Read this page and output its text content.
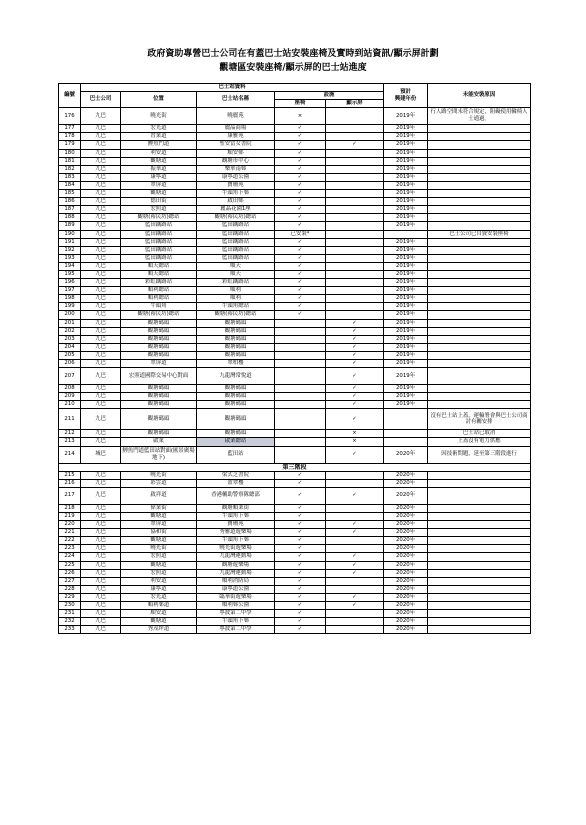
政府資助專營巴士公司在有蓋巴士站安裝座椅及實時到站資訊/顯示屏計劃
觀塘區安裝座椅/顯示屏的巴士站進度
編號	巴士站資料					預計
興建年份	未能安裝原因
	巴士公司	位置	巴士站名稱	設施			
				座椅	顯示屏		
176	九巴	曉光街	曉麗苑	×		2019年	行人路空間未符合規定，阻礙使用輪椅人士通過。
177	九巴	宏光道	麗晶商場	✓		2019年	
178	九巴	習業道	康雅苑	✓		2019年	
179	九巴	鯉魚門道	聖安當女書院	✓	✓	2019年	
180	九巴	利安道	順安邨	✓		2019年	
181	九巴	觀塘道	觀塘市中心	✓		2019年	
182	九巴	振華道	樂華南邨	✓		2019年	
183	九巴	康寧道	康寧道公園	✓		2019年	
184	九巴	翠屏道	寶珊苑	✓		2019年	
185	九巴	觀塘道	牛頭角下邨	✓		2019年	
186	九巴	德田街	啟田邨	✓		2019年	
187	九巴	宏照道	麗晶花園1座	✓		2019年	
188	九巴	觀塘(裕民坊)總站	觀塘(裕民坊)總站	✓		2019年	
189	九巴	藍田鐵路站	藍田鐵路站	✓		2019年	
190	九巴	藍田鐵路站	藍田鐵路站	已安裝*			巴士公司已自資安裝座椅
191	九巴	藍田鐵路站	藍田鐵路站	✓		2019年	
192	九巴	藍田鐵路站	藍田鐵路站	✓		2019年	
193	九巴	藍田鐵路站	藍田鐵路站	✓		2019年	
194	九巴	順天總站	順天	✓		2019年	
195	九巴	順天總站	順天	✓		2019年	
196	九巴	彩虹鐵路站	彩虹鐵路站	✓		2019年	
197	九巴	順利總站	順利	✓		2019年	
198	九巴	順利總站	順利	✓		2019年	
199	九巴	牛頭角	牛頭角總站	✓		2019年	
200	九巴	觀塘(裕民坊)總站	觀塘(裕民坊)總站	✓		2019年	
201	九巴	觀塘碼頭	觀塘碼頭		✓	2019年	
202	九巴	觀塘碼頭	觀塘碼頭		✓	2019年	
203	九巴	觀塘碼頭	觀塘碼頭		✓	2019年	
204	九巴	觀塘碼頭	觀塘碼頭		✓	2019年	
205	九巴	觀塘碼頭	觀塘碼頭		✓	2019年	
206	九巴	翠屏道	翠柏樓		✓	2019年	
207	九巴	宏照道國際交易中心對面	九龍灣常悅道		✓	2019年	
208	九巴	觀塘碼頭	觀塘碼頭		✓	2019年	
209	九巴	觀塘碼頭	觀塘碼頭		✓	2019年	
210	九巴	觀塘碼頭	觀塘碼頭		✓	2019年	
211	九巴	觀塘碼頭	觀塘碼頭		✓		沒有巴士站上蓋，運輸署會與巴士公司商討有關安排
212	九巴	觀塘碼頭	觀塘碼頭		×		巴士站已取消
213	九巴	啟業	啟業總站		×		上蓋沒有電力供應
214	城巴	鯉魚門道藍田站對面(匯景廣場地下)	藍田站		✓	2020年	因技術問題，延至第三階段進行
第三階段							
215	九巴	曉光街	梁式芝書院	✓		2020年	
216	九巴	彩雲道	盈翠樓	✓		2020年	
217	九巴	啟祥道	香港輔助警察隊總部	✓	✓	2020年	
218	九巴	偉業街	觀塘順業街	✓		2020年	
219	九巴	觀塘道	牛頭角下邨	✓		2020年	
220	九巴	翠屏道	寶珊苑	✓	✓	2020年	
221	九巴	協和街	秀雅道遊樂場	✓	✓	2020年	
222	九巴	觀塘道	牛頭角下邨	✓		2020年	
223	九巴	曉光街	曉光街遊樂場	✓		2020年	
224	九巴	宏照道	九龍灣運動場	✓	✓	2020年	
225	九巴	觀塘道	觀塘遊樂場	✓	✓	2020年	
226	九巴	宏照道	九龍灣運動場	✓	✓	2020年	
227	九巴	利安道	順利消防局	✓		2020年	
228	九巴	康寧道	康寧道公園	✓		2020年	
229	九巴	宏光道	臨華街遊樂場	✓	✓	2020年	
230	九巴	順利邨道	順利邨公園	✓	✓	2020年	
231	九巴	順安道	寧波第二中學	✓		2020年	
232	九巴	觀塘道	牛頭角下邨	✓		2020年	
233	九巴	秀茂坪道	寧波第二中學	✓		2020年	
